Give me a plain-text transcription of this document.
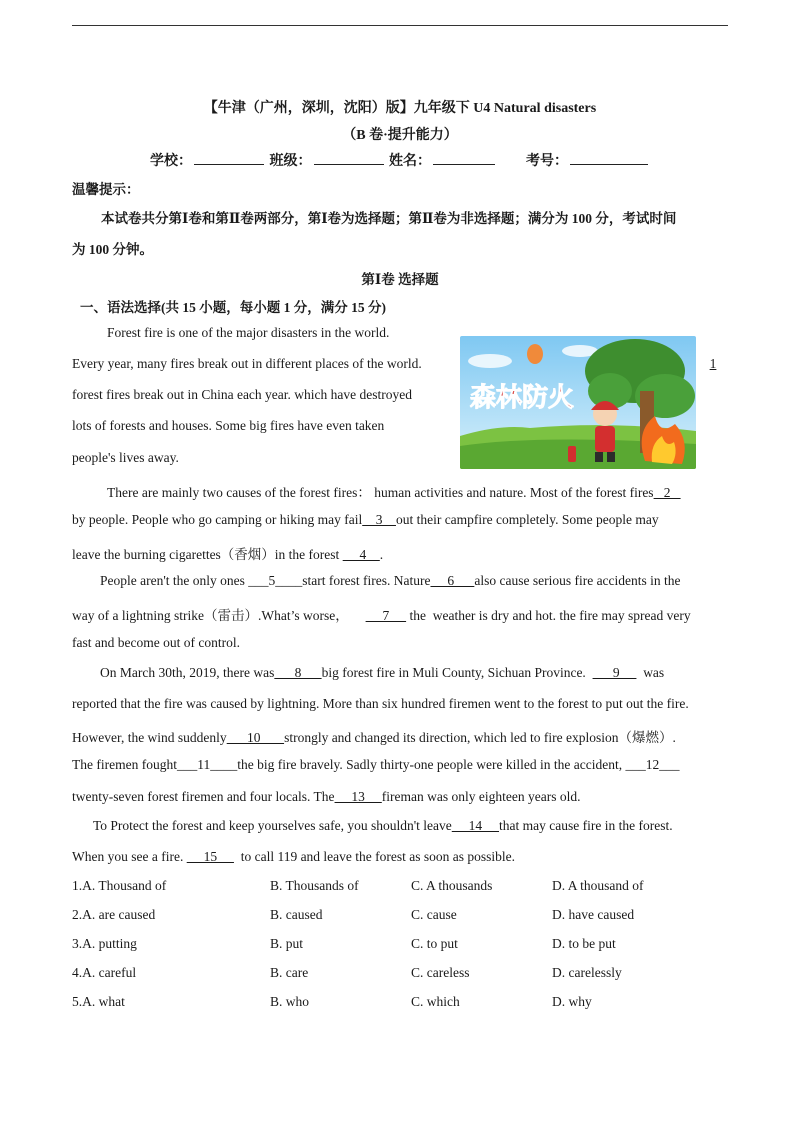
【牛津（广州，深圳，沈阳）版】九年级下 U4 Natural disasters
（B 卷·提升能力）
学校：	班级：	姓名：	考号：
温馨提示：
本试卷共分第Ⅰ卷和第Ⅱ卷两部分，第Ⅰ卷为选择题；第Ⅱ卷为非选择题；满分为 100 分，考试时间
为 100 分钟。
第Ⅰ卷 选择题
一、语法选择(共 15 小题，每小题 1 分，满分 15 分)
Forest fire is one of the major disasters in the world.
Every year, many fires break out in different places of the world.	1
forest fires break out in China each year. which have destroyed
lots of forests and houses. Some big fires have even taken
people's lives away.
森林防火
There are mainly two causes of the forest fires： human activities and nature. Most of the forest fires   2
by people. People who go camping or hiking may fail    3    out their campfire completely. Some people may
leave the burning cigarettes（香烟）in the forest      4    .
People aren't the only ones ___5____start forest fires. Nature     6      also cause serious fire accidents in the
way of a lightning strike（雷击）.What’s worse，          7      the  weather is dry and hot. the fire may spread very
fast and become out of control.
On March 30th, 2019, there was      8      big forest fire in Muli County, Sichuan Province.        9       was
reported that the fire was caused by lightning. More than six hundred firemen went to the forest to put out the fire.
However, the wind suddenly      10       strongly and changed its direction, which led to fire explosion（爆燃）.
The firemen fought___11____the big fire bravely. Sadly thirty-one people were killed in the accident, ___12___
twenty-seven forest firemen and four locals. The     13     fireman was only eighteen years old.
To Protect the forest and keep yourselves safe, you shouldn't leave     14     that may cause fire in the forest.
When you see a fire.      15       to call 119 and leave the forest as soon as possible.
1.A. Thousand of	B. Thousands of	C. A thousands	D. A thousand of
2.A. are caused	B. caused	C. cause	D. have caused
3.A. putting	B. put	C. to put	D. to be put
4.A. careful	B. care	C. careless	D. carelessly
5.A. what	B. who	C. which	D. why
